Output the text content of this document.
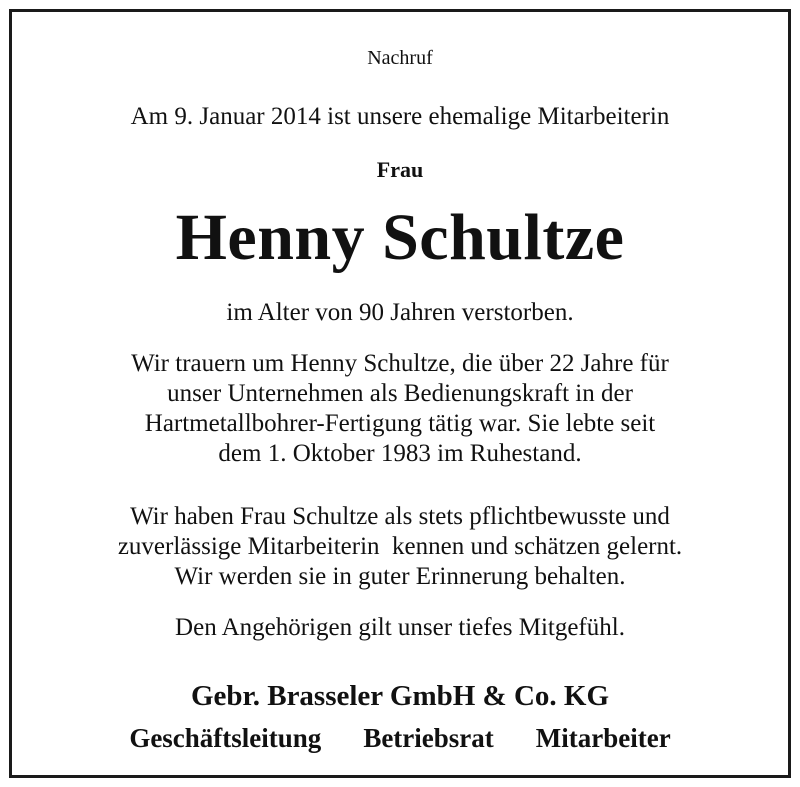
Nachruf
Am 9. Januar 2014 ist unsere ehemalige Mitarbeiterin
Frau
Henny Schultze
im Alter von 90 Jahren verstorben.
Wir trauern um Henny Schultze, die über 22 Jahre für
unser Unternehmen als Bedienungskraft in der
Hartmetallbohrer-Fertigung tätig war. Sie lebte seit
dem 1. Oktober 1983 im Ruhestand.
Wir haben Frau Schultze als stets pflichtbewusste und
zuverlässige Mitarbeiterin  kennen und schätzen gelernt.
Wir werden sie in guter Erinnerung behalten.
Den Angehörigen gilt unser tiefes Mitgefühl.
Gebr. Brasseler GmbH & Co. KG
Geschäftsleitung Betriebsrat Mitarbeiter
